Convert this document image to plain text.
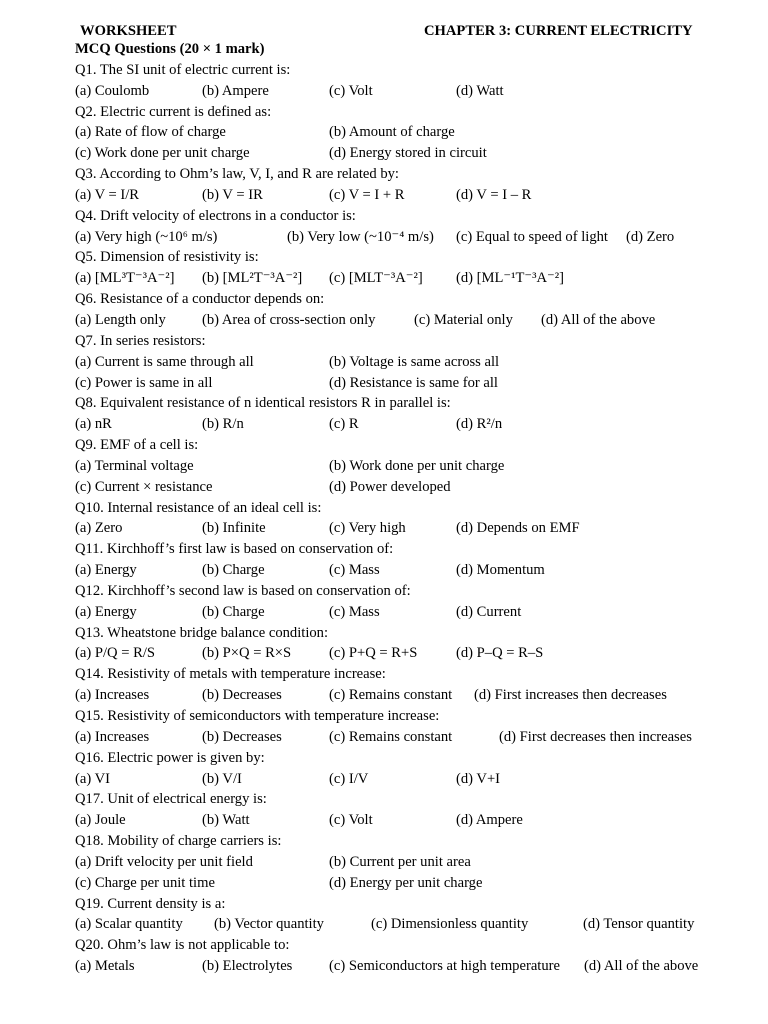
WORKSHEET	CHAPTER 3: CURRENT ELECTRICITY
MCQ Questions (20 × 1 mark)
Q1. The SI unit of electric current is:
(a) Coulomb	(b) Ampere	(c) Volt	(d) Watt
Q2. Electric current is defined as:
(a) Rate of flow of charge	(b) Amount of charge
(c) Work done per unit charge	(d) Energy stored in circuit
Q3. According to Ohm’s law, V, I, and R are related by:
(a) V = I/R	(b) V = IR	(c) V = I + R	(d) V = I – R
Q4. Drift velocity of electrons in a conductor is:
(a) Very high (~10⁶ m/s)	(b) Very low (~10⁻⁴ m/s) (c) Equal to speed of light (d) Zero
Q5. Dimension of resistivity is:
(a) [ML³T⁻³A⁻²] (b) [ML²T⁻³A⁻²] (c) [MLT⁻³A⁻²] (d) [ML⁻¹T⁻³A⁻²]
Q6. Resistance of a conductor depends on:
(a) Length only (b) Area of cross-section only	(c) Material only (d) All of the above
Q7. In series resistors:
(a) Current is same through all	(b) Voltage is same across all
(c) Power is same in all	(d) Resistance is same for all
Q8. Equivalent resistance of n identical resistors R in parallel is:
(a) nR	(b) R/n	(c) R	(d) R²/n
Q9. EMF of a cell is:
(a) Terminal voltage	(b) Work done per unit charge
(c) Current × resistance	(d) Power developed
Q10. Internal resistance of an ideal cell is:
(a) Zero	(b) Infinite	(c) Very high	(d) Depends on EMF
Q11. Kirchhoff’s first law is based on conservation of:
(a) Energy	(b) Charge	(c) Mass	(d) Momentum
Q12. Kirchhoff’s second law is based on conservation of:
(a) Energy	(b) Charge	(c) Mass	(d) Current
Q13. Wheatstone bridge balance condition:
(a) P/Q = R/S	(b) P×Q = R×S	(c) P+Q = R+S	(d) P–Q = R–S
Q14. Resistivity of metals with temperature increase:
(a) Increases	(b) Decreases	(c) Remains constant (d) First increases then decreases
Q15. Resistivity of semiconductors with temperature increase:
(a) Increases	(b) Decreases	(c) Remains constant	(d) First decreases then increases
Q16. Electric power is given by:
(a) VI	(b) V/I	(c) I/V	(d) V+I
Q17. Unit of electrical energy is:
(a) Joule	(b) Watt	(c) Volt	(d) Ampere
Q18. Mobility of charge carriers is:
(a) Drift velocity per unit field	(b) Current per unit area
(c) Charge per unit time	(d) Energy per unit charge
Q19. Current density is a:
(a) Scalar quantity (b) Vector quantity	(c) Dimensionless quantity	(d) Tensor quantity
Q20. Ohm’s law is not applicable to:
(a) Metals	(b) Electrolytes	(c) Semiconductors at high temperature (d) All of the above
